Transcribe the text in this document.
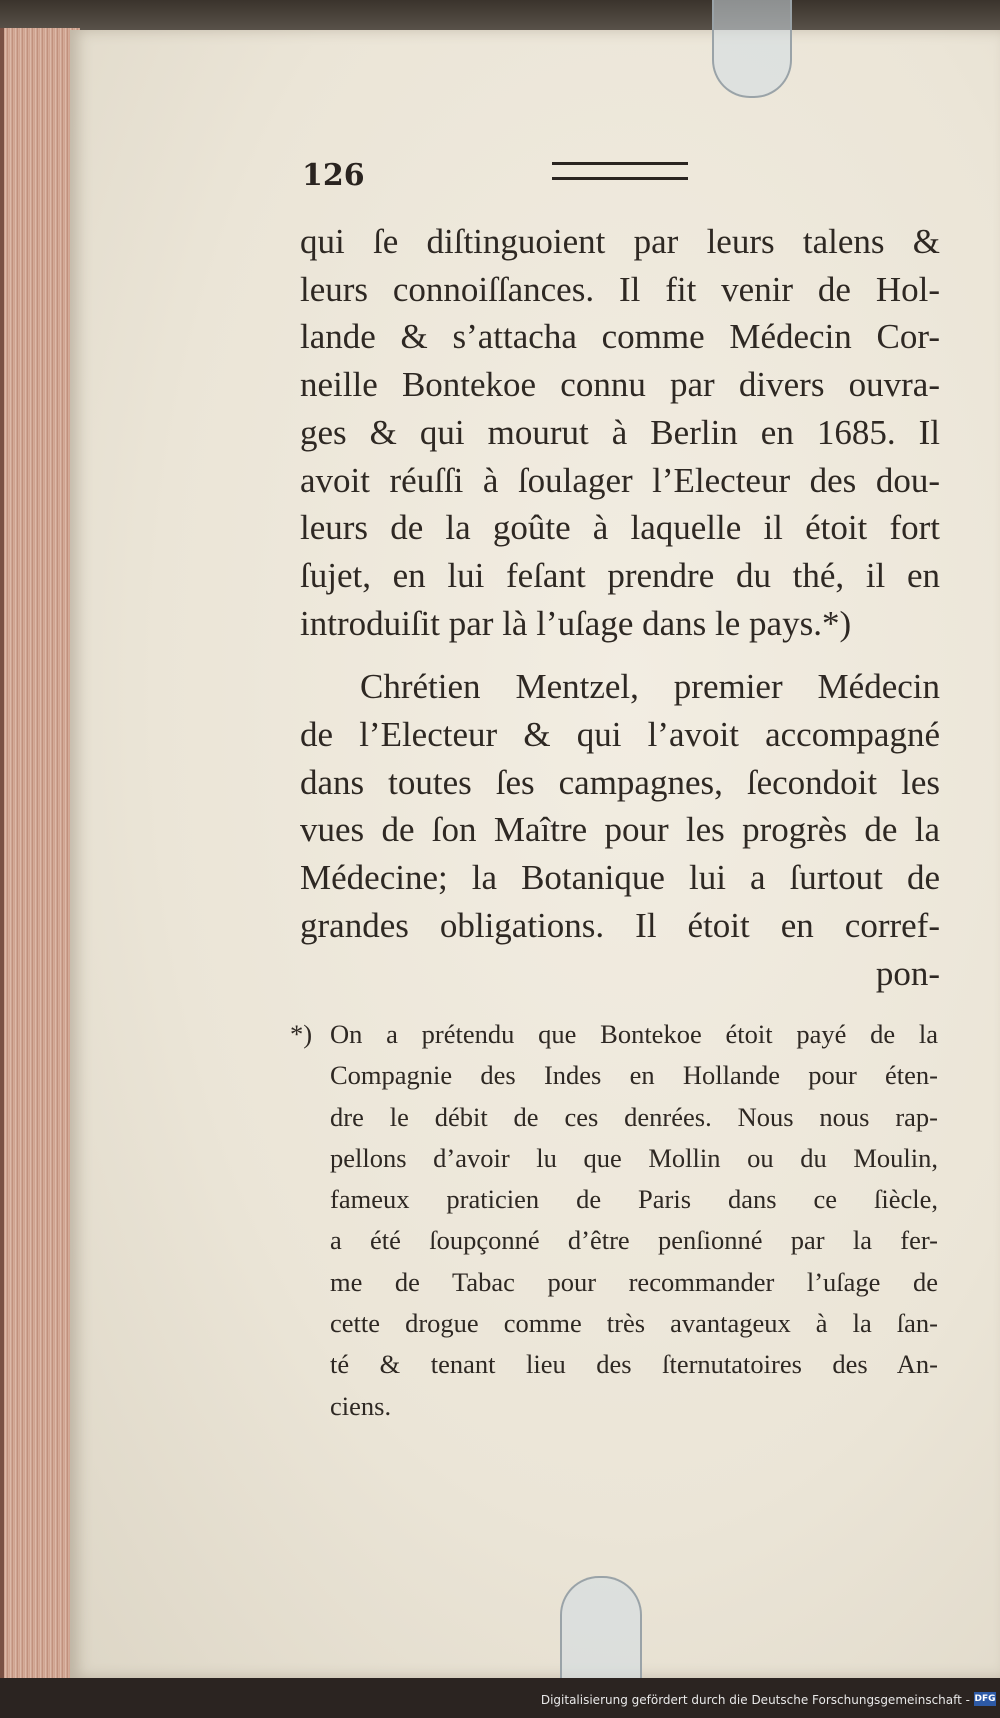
126
qui ſe diſtinguoient par leurs talens &
leurs connoiſſances. Il fit venir de Hol-
lande & s’attacha comme Médecin Cor-
neille Bontekoe connu par divers ouvra-
ges & qui mourut à Berlin en 1685. Il
avoit réuſſi à ſoulager l’Electeur des dou-
leurs de la goûte à laquelle il étoit fort
ſujet, en lui feſant prendre du thé, il en
introduiſit par là l’uſage dans le pays.*)
Chrétien Mentzel, premier Médecin
de l’Electeur & qui l’avoit accompagné
dans toutes ſes campagnes, ſecondoit les
vues de ſon Maître pour les progrès de la
Médecine; la Botanique lui a ſurtout de
grandes obligations. Il étoit en corref-
pon-
*) On a prétendu que Bontekoe étoit payé de la
Compagnie des Indes en Hollande pour éten-
dre le débit de ces denrées. Nous nous rap-
pellons d’avoir lu que Mollin ou du Moulin,
fameux praticien de Paris dans ce ſiècle,
a été ſoupçonné d’être penſionné par la fer-
me de Tabac pour recommander l’uſage de
cette drogue comme très avantageux à la ſan-
té & tenant lieu des ſternutatoires des An-
ciens.
Digitalisierung gefördert durch die Deutsche Forschungsgemeinschaft - DFG
